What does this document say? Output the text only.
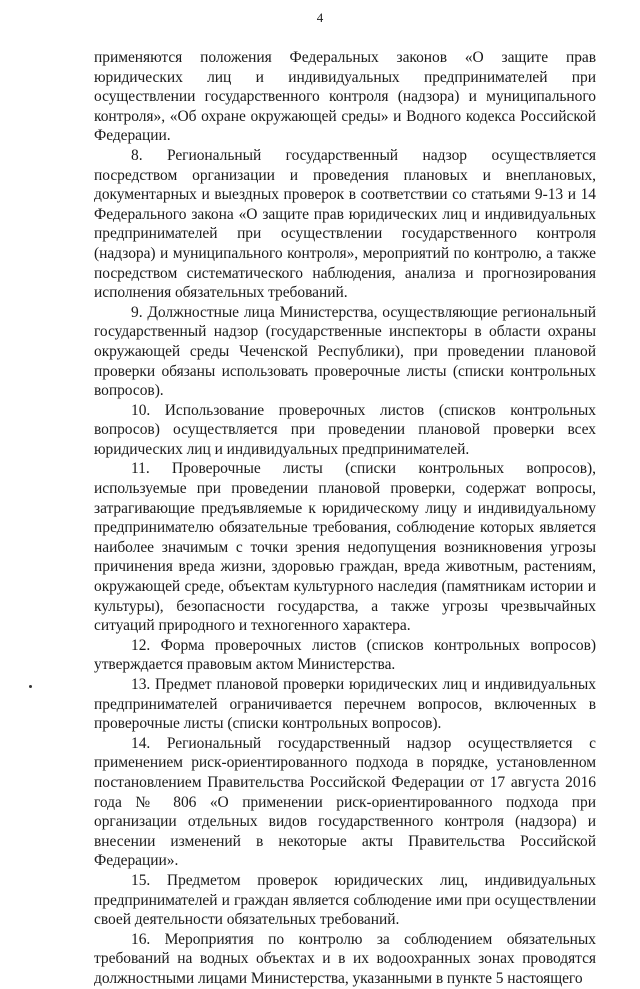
4

применяются положения Федеральных законов «О защите прав юридических лиц и индивидуальных предпринимателей при осуществлении государственного контроля (надзора) и муниципального контроля», «Об охране окружающей среды» и Водного кодекса Российской Федерации.

8. Региональный государственный надзор осуществляется посредством организации и проведения плановых и внеплановых, документарных и выездных проверок в соответствии со статьями 9-13 и 14 Федерального закона «О защите прав юридических лиц и индивидуальных предпринимателей при осуществлении государственного контроля (надзора) и муниципального контроля», мероприятий по контролю, а также посредством систематического наблюдения, анализа и прогнозирования исполнения обязательных требований.

9. Должностные лица Министерства, осуществляющие региональный государственный надзор (государственные инспекторы в области охраны окружающей среды Чеченской Республики), при проведении плановой проверки обязаны использовать проверочные листы (списки контрольных вопросов).

10. Использование проверочных листов (списков контрольных вопросов) осуществляется при проведении плановой проверки всех юридических лиц и индивидуальных предпринимателей.

11. Проверочные листы (списки контрольных вопросов), используемые при проведении плановой проверки, содержат вопросы, затрагивающие предъявляемые к юридическому лицу и индивидуальному предпринимателю обязательные требования, соблюдение которых является наиболее значимым с точки зрения недопущения возникновения угрозы причинения вреда жизни, здоровью граждан, вреда животным, растениям, окружающей среде, объектам культурного наследия (памятникам истории и культуры), безопасности государства, а также угрозы чрезвычайных ситуаций природного и техногенного характера.

12. Форма проверочных листов (списков контрольных вопросов) утверждается правовым актом Министерства.

13. Предмет плановой проверки юридических лиц и индивидуальных предпринимателей ограничивается перечнем вопросов, включенных в проверочные листы (списки контрольных вопросов).

14. Региональный государственный надзор осуществляется с применением риск-ориентированного подхода в порядке, установленном постановлением Правительства Российской Федерации от 17 августа 2016 года № 806 «О применении риск-ориентированного подхода при организации отдельных видов государственного контроля (надзора) и внесении изменений в некоторые акты Правительства Российской Федерации».

15. Предметом проверок юридических лиц, индивидуальных предпринимателей и граждан является соблюдение ими при осуществлении своей деятельности обязательных требований.

16. Мероприятия по контролю за соблюдением обязательных требований на водных объектах и в их водоохранных зонах проводятся должностными лицами Министерства, указанными в пункте 5 настоящего
